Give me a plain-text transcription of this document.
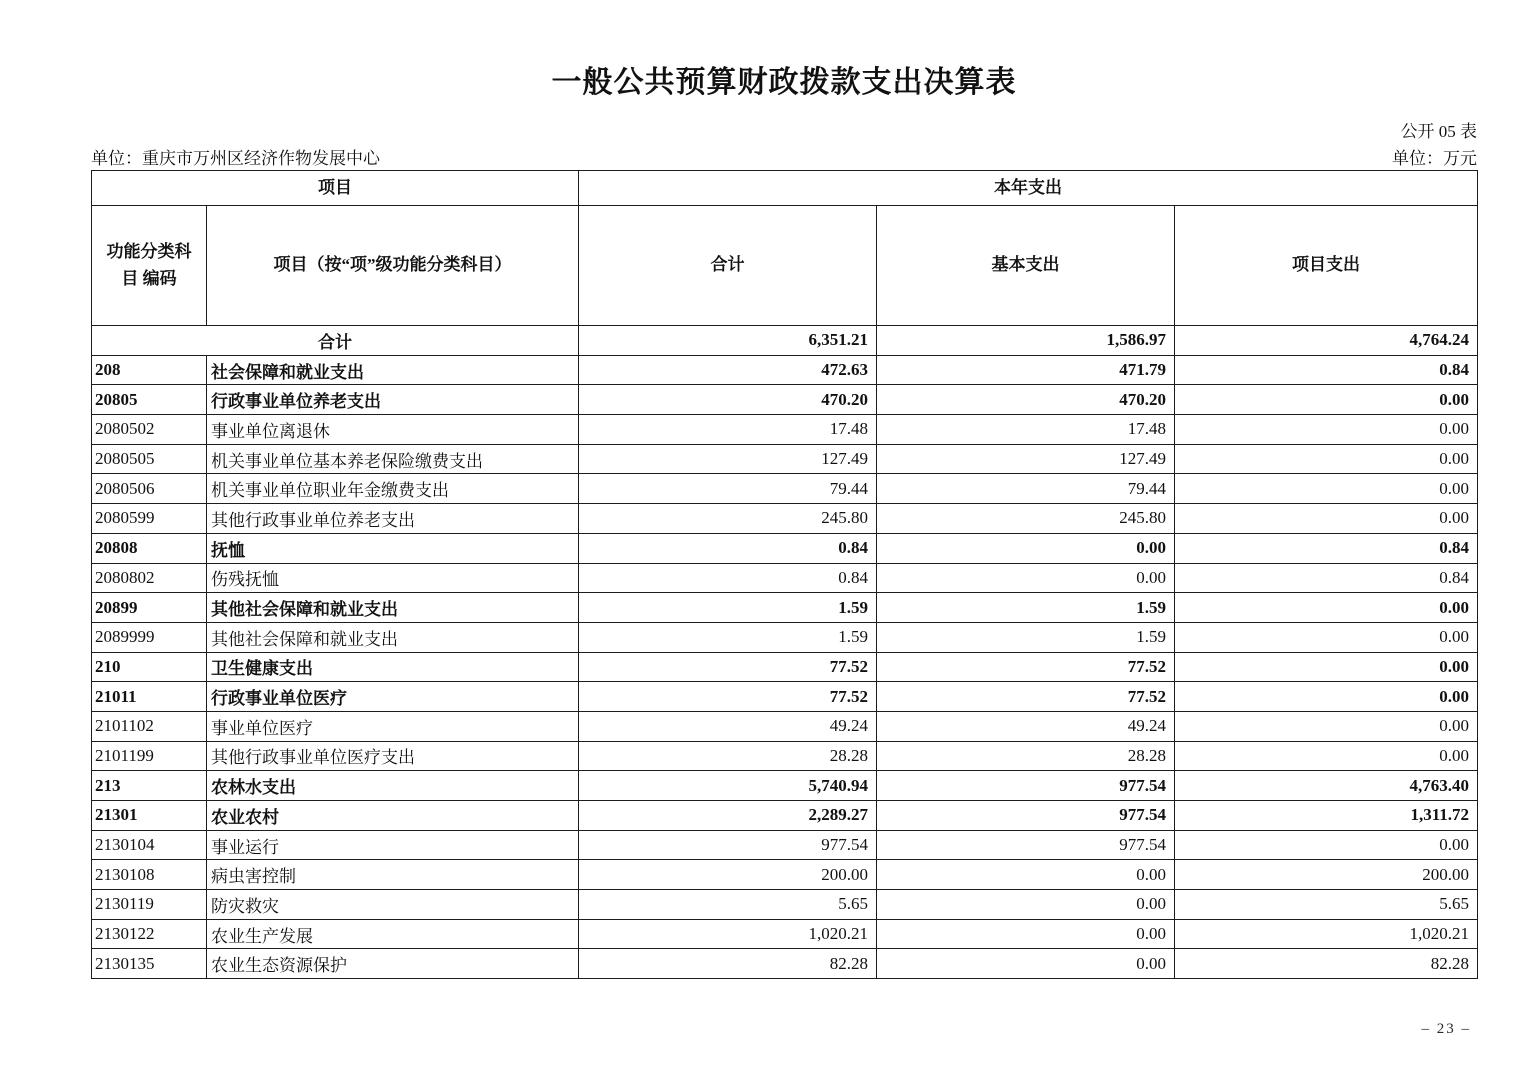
一般公共预算财政拨款支出决算表
公开 05 表
单位：重庆市万州区经济作物发展中心	单位：万元
项目		本年支出		
功能分类科目 编码	项目（按“项”级功能分类科目）	合计	基本支出	项目支出
合计		6,351.21	1,586.97	4,764.24
208	社会保障和就业支出	472.63	471.79	0.84
20805	行政事业单位养老支出	470.20	470.20	0.00
2080502	事业单位离退休	17.48	17.48	0.00
2080505	机关事业单位基本养老保险缴费支出	127.49	127.49	0.00
2080506	机关事业单位职业年金缴费支出	79.44	79.44	0.00
2080599	其他行政事业单位养老支出	245.80	245.80	0.00
20808	抚恤	0.84	0.00	0.84
2080802	伤残抚恤	0.84	0.00	0.84
20899	其他社会保障和就业支出	1.59	1.59	0.00
2089999	其他社会保障和就业支出	1.59	1.59	0.00
210	卫生健康支出	77.52	77.52	0.00
21011	行政事业单位医疗	77.52	77.52	0.00
2101102	事业单位医疗	49.24	49.24	0.00
2101199	其他行政事业单位医疗支出	28.28	28.28	0.00
213	农林水支出	5,740.94	977.54	4,763.40
21301	农业农村	2,289.27	977.54	1,311.72
2130104	事业运行	977.54	977.54	0.00
2130108	病虫害控制	200.00	0.00	200.00
2130119	防灾救灾	5.65	0.00	5.65
2130122	农业生产发展	1,020.21	0.00	1,020.21
2130135	农业生态资源保护	82.28	0.00	82.28
– 23 –
